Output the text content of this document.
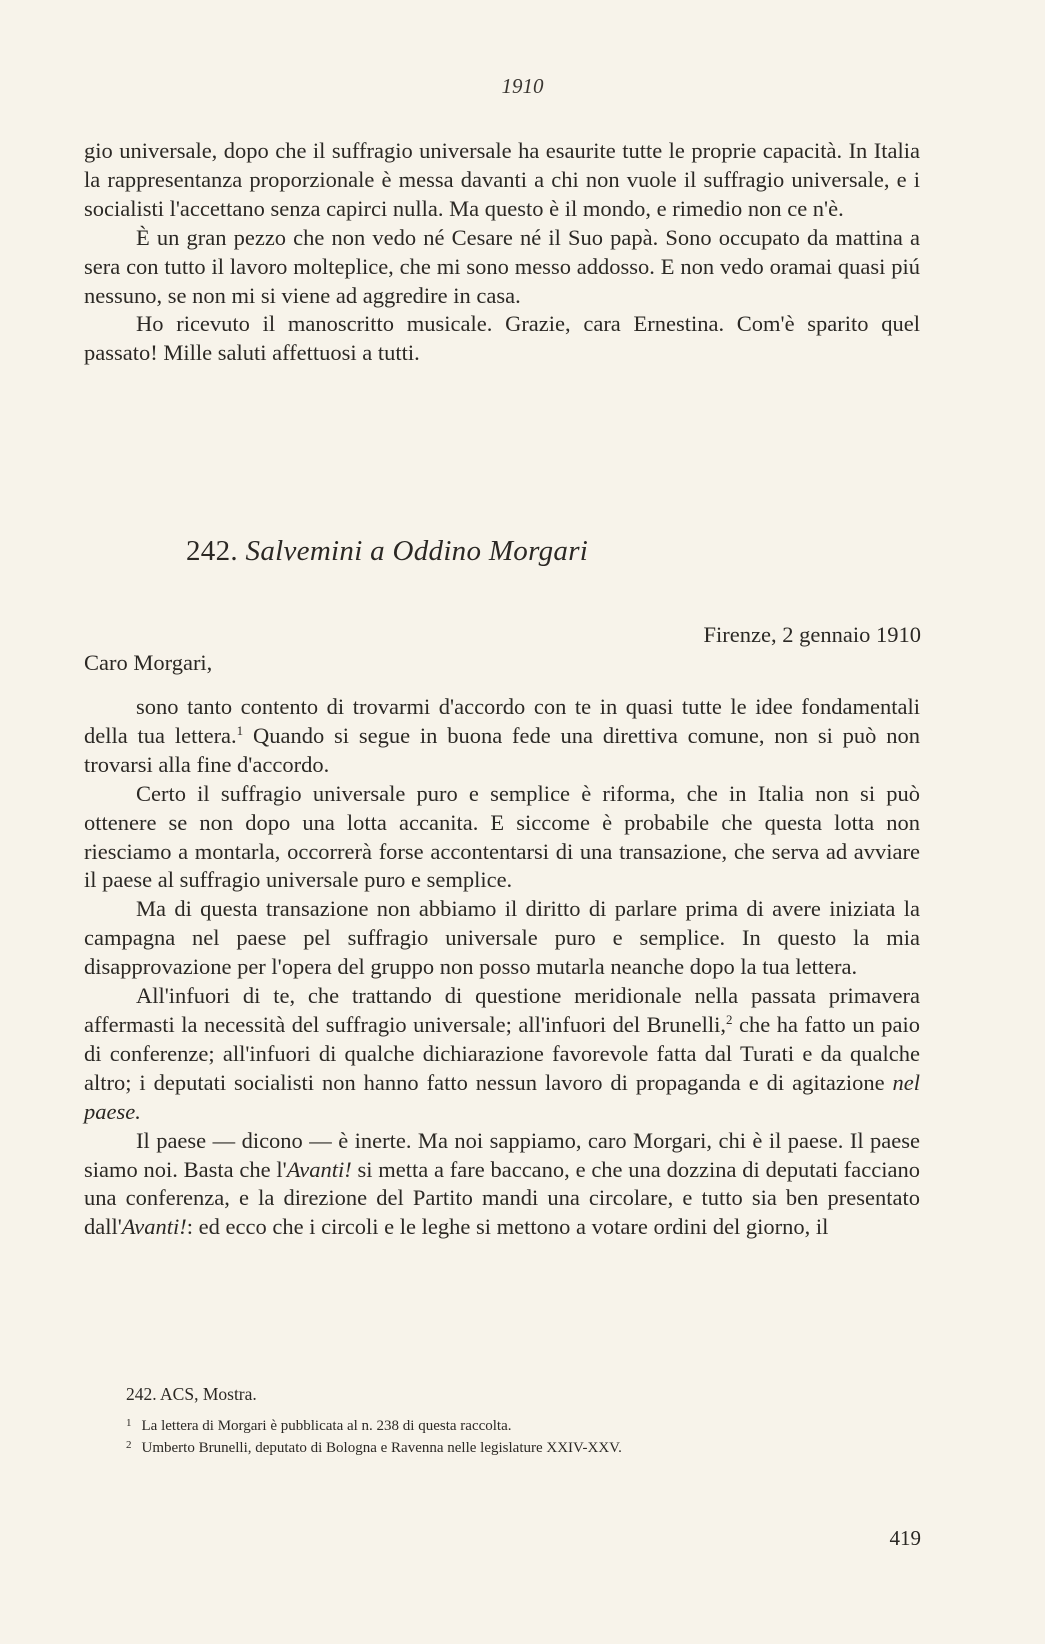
1910

gio universale, dopo che il suffragio universale ha esaurite tutte le proprie capacità. In Italia la rappresentanza proporzionale è messa davanti a chi non vuole il suffragio universale, e i socialisti l'accettano senza capirci nulla. Ma questo è il mondo, e rimedio non ce n'è.

È un gran pezzo che non vedo né Cesare né il Suo papà. Sono occupato da mattina a sera con tutto il lavoro molteplice, che mi sono messo addosso. E non vedo oramai quasi piú nessuno, se non mi si viene ad aggredire in casa.

Ho ricevuto il manoscritto musicale. Grazie, cara Ernestina. Com'è sparito quel passato! Mille saluti affettuosi a tutti.

242. Salvemini a Oddino Morgari
Firenze, 2 gennaio 1910
Caro Morgari,

sono tanto contento di trovarmi d'accordo con te in quasi tutte le idee fondamentali della tua lettera.$^1$ Quando si segue in buona fede una direttiva comune, non si può non trovarsi alla fine d'accordo.

Certo il suffragio universale puro e semplice è riforma, che in Italia non si può ottenere se non dopo una lotta accanita. E siccome è probabile che questa lotta non riesciamo a montarla, occorrerà forse accontentarsi di una transazione, che serva ad avviare il paese al suffragio universale puro e semplice.

Ma di questa transazione non abbiamo il diritto di parlare prima di avere iniziata la campagna nel paese pel suffragio universale puro e semplice. In questo la mia disapprovazione per l'opera del gruppo non posso mutarla neanche dopo la tua lettera.

All'infuori di te, che trattando di questione meridionale nella passata primavera affermasti la necessità del suffragio universale; all'infuori del Brunelli,$^2$ che ha fatto un paio di conferenze; all'infuori di qualche dichiarazione favorevole fatta dal Turati e da qualche altro; i deputati socialisti non hanno fatto nessun lavoro di propaganda e di agitazione nel paese.

Il paese — dicono — è inerte. Ma noi sappiamo, caro Morgari, chi è il paese. Il paese siamo noi. Basta che l'Avanti! si metta a fare baccano, e che una dozzina di deputati facciano una conferenza, e la direzione del Partito mandi una circolare, e tutto sia ben presentato dall'Avanti!: ed ecco che i circoli e le leghe si mettono a votare ordini del giorno, il

242. ACS, Mostra.

$^1$ La lettera di Morgari è pubblicata al n. 238 di questa raccolta.

$^2$ Umberto Brunelli, deputato di Bologna e Ravenna nelle legislature XXIV-XXV.

419
